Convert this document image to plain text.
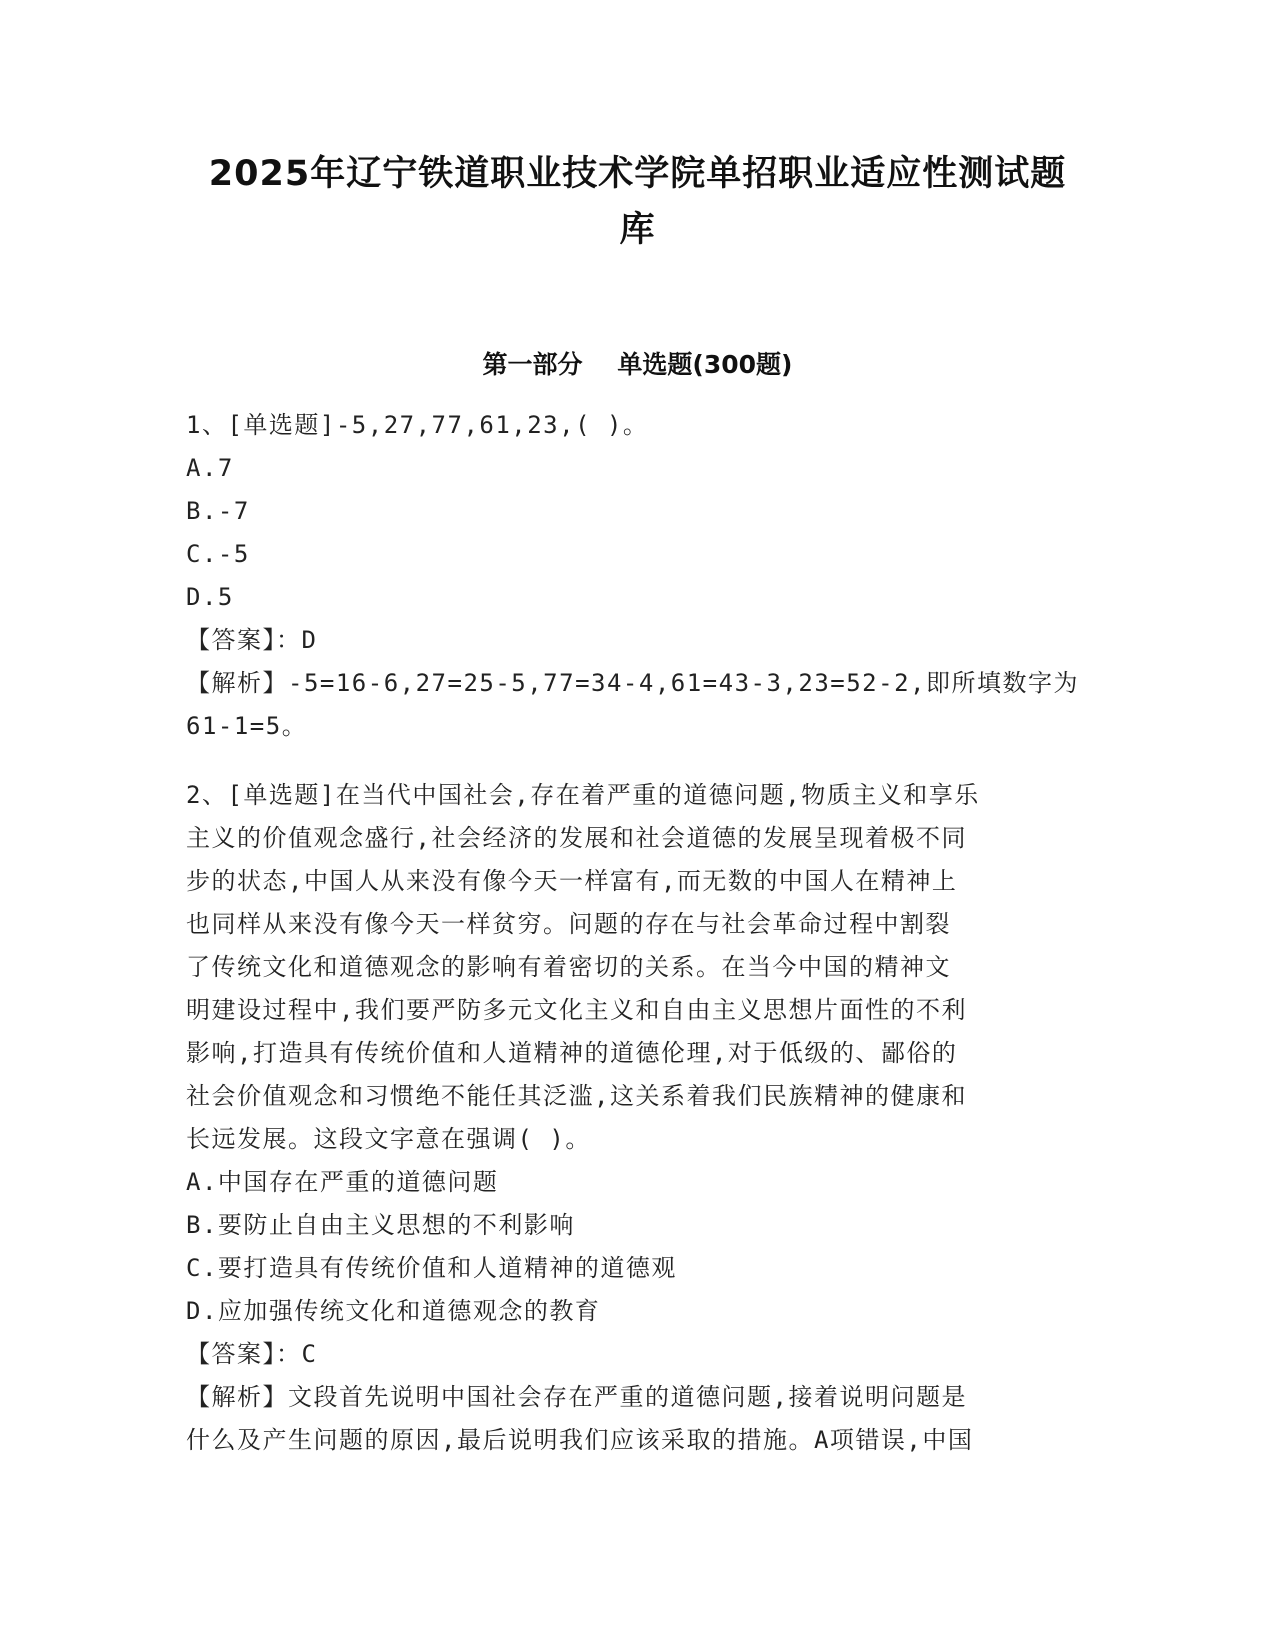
2025年辽宁铁道职业技术学院单招职业适应性测试题
库
第一部分 单选题(300题)
1、[单选题]-5,27,77,61,23,( )。
A.7
B.-7
C.-5
D.5
【答案】：D
【解析】-5=16-6,27=25-5,77=34-4,61=43-3,23=52-2,即所填数字为
61-1=5。
2、[单选题]在当代中国社会,存在着严重的道德问题,物质主义和享乐
主义的价值观念盛行,社会经济的发展和社会道德的发展呈现着极不同
步的状态,中国人从来没有像今天一样富有,而无数的中国人在精神上
也同样从来没有像今天一样贫穷。问题的存在与社会革命过程中割裂
了传统文化和道德观念的影响有着密切的关系。在当今中国的精神文
明建设过程中,我们要严防多元文化主义和自由主义思想片面性的不利
影响,打造具有传统价值和人道精神的道德伦理,对于低级的、鄙俗的
社会价值观念和习惯绝不能任其泛滥,这关系着我们民族精神的健康和
长远发展。这段文字意在强调( )。
A.中国存在严重的道德问题
B.要防止自由主义思想的不利影响
C.要打造具有传统价值和人道精神的道德观
D.应加强传统文化和道德观念的教育
【答案】：C
【解析】文段首先说明中国社会存在严重的道德问题,接着说明问题是
什么及产生问题的原因,最后说明我们应该采取的措施。A项错误,中国
